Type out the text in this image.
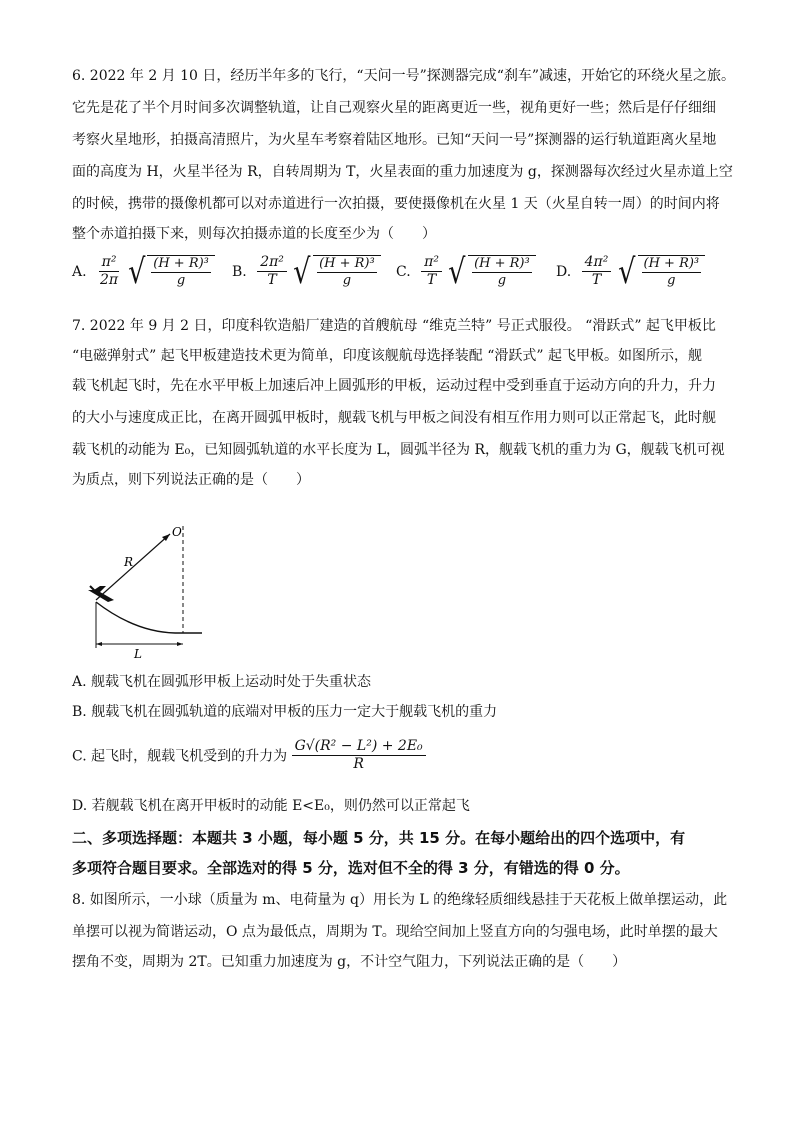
6. 2022 年 2 月 10 日，经历半年多的飞行，“天问一号”探测器完成“刹车”减速，开始它的环绕火星之旅。
它先是花了半个月时间多次调整轨道，让自己观察火星的距离更近一些，视角更好一些；然后是仔仔细细
考察火星地形，拍摄高清照片，为火星车考察着陆区地形。已知“天问一号”探测器的运行轨道距离火星地
面的高度为 H，火星半径为 R，自转周期为 T，火星表面的重力加速度为 g，探测器每次经过火星赤道上空
的时候，携带的摄像机都可以对赤道进行一次拍摄，要使摄像机在火星 1 天（火星自转一周）的时间内将
整个赤道拍摄下来，则每次拍摄赤道的长度至少为（　　）
A. $\frac{\text{π²}}{2\pi}$
√ $\frac{\text{(H + R)³}}{g} B$. $\frac{\text{2π²}}{T}$
√ $\frac{\text{(H + R)³}}{g} C$. $\frac{\text{π²}}{T}$
√ $\frac{\text{(H + R)³}}{g} D$. $\frac{\text{4π²}}{T}$
√ $\frac{\text{(H + R)³}}{g}$
7. 2022 年 9 月 2 日，印度科钦造船厂建造的首艘航母 “维克兰特” 号正式服役。 “滑跃式” 起飞甲板比
“电磁弹射式” 起飞甲板建造技术更为简单，印度该舰航母选择装配 “滑跃式” 起飞甲板。如图所示，舰
载飞机起飞时，先在水平甲板上加速后冲上圆弧形的甲板，运动过程中受到垂直于运动方向的升力，升力
的大小与速度成正比，在离开圆弧甲板时，舰载飞机与甲板之间没有相互作用力则可以正常起飞，此时舰
载飞机的动能为 E₀，已知圆弧轨道的水平长度为 L，圆弧半径为 R，舰载飞机的重力为 G，舰载飞机可视
为质点，则下列说法正确的是（　　）
O
R
L
A. 舰载飞机在圆弧形甲板上运动时处于失重状态
B. 舰载飞机在圆弧轨道的底端对甲板的压力一定大于舰载飞机的重力
C. 起飞时，舰载飞机受到的升力为 $\frac{\text{G√(R² − L²) + 2E₀}}{R}$
D. 若舰载飞机在离开甲板时的动能 E<E₀，则仍然可以正常起飞
二、多项选择题：本题共 3 小题，每小题 5 分，共 15 分。在每小题给出的四个选项中，有
多项符合题目要求。全部选对的得 5 分，选对但不全的得 3 分，有错选的得 0 分。
8. 如图所示，一小球（质量为 m、电荷量为 q）用长为 L 的绝缘轻质细线悬挂于天花板上做单摆运动，此
单摆可以视为简谐运动，O 点为最低点，周期为 T。现给空间加上竖直方向的匀强电场，此时单摆的最大
摆角不变，周期为 2T。已知重力加速度为 g，不计空气阻力，下列说法正确的是（　　）
